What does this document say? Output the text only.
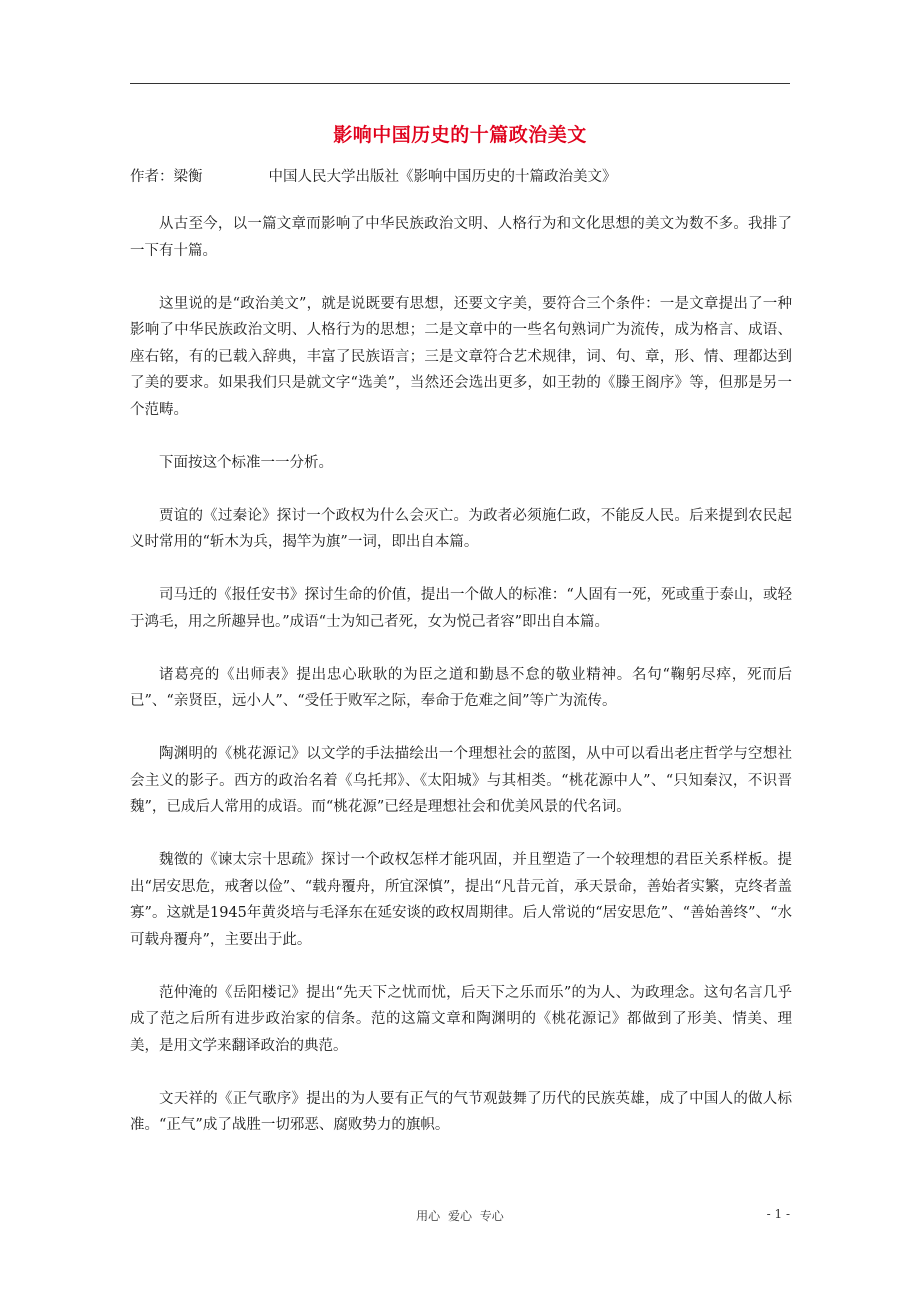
影响中国历史的十篇政治美文
作者：梁衡	中国人民大学出版社《影响中国历史的十篇政治美文》

从古至今，以一篇文章而影响了中华民族政治文明、人格行为和文化思想的美文为数不多。我排了一下有十篇。

这里说的是“政治美文”，就是说既要有思想，还要文字美，要符合三个条件：一是文章提出了一种影响了中华民族政治文明、人格行为的思想；二是文章中的一些名句熟词广为流传，成为格言、成语、座右铭，有的已载入辞典，丰富了民族语言；三是文章符合艺术规律，词、句、章，形、情、理都达到了美的要求。如果我们只是就文字“选美”，当然还会选出更多，如王勃的《滕王阁序》等，但那是另一个范畴。

下面按这个标准一一分析。

贾谊的《过秦论》探讨一个政权为什么会灭亡。为政者必须施仁政，不能反人民。后来提到农民起义时常用的“斩木为兵，揭竿为旗”一词，即出自本篇。

司马迁的《报任安书》探讨生命的价值，提出一个做人的标准：“人固有一死，死或重于泰山，或轻于鸿毛，用之所趣异也。”成语“士为知己者死，女为悦己者容”即出自本篇。

诸葛亮的《出师表》提出忠心耿耿的为臣之道和勤恳不怠的敬业精神。名句“鞠躬尽瘁，死而后已”、“亲贤臣，远小人”、“受任于败军之际，奉命于危难之间”等广为流传。

陶渊明的《桃花源记》以文学的手法描绘出一个理想社会的蓝图，从中可以看出老庄哲学与空想社会主义的影子。西方的政治名着《乌托邦》、《太阳城》与其相类。“桃花源中人”、“只知秦汉，不识晋魏”，已成后人常用的成语。而“桃花源”已经是理想社会和优美风景的代名词。

魏徵的《谏太宗十思疏》探讨一个政权怎样才能巩固，并且塑造了一个较理想的君臣关系样板。提出“居安思危，戒奢以俭”、“载舟覆舟，所宜深慎”，提出“凡昔元首，承天景命，善始者实繁，克终者盖寡”。这就是1945年黄炎培与毛泽东在延安谈的政权周期律。后人常说的“居安思危”、“善始善终”、“水可载舟覆舟”，主要出于此。

范仲淹的《岳阳楼记》提出“先天下之忧而忧，后天下之乐而乐”的为人、为政理念。这句名言几乎成了范之后所有进步政治家的信条。范的这篇文章和陶渊明的《桃花源记》都做到了形美、情美、理美，是用文学来翻译政治的典范。

文天祥的《正气歌序》提出的为人要有正气的气节观鼓舞了历代的民族英雄，成了中国人的做人标准。“正气”成了战胜一切邪恶、腐败势力的旗帜。

用心 爱心 专心	- 1 -
